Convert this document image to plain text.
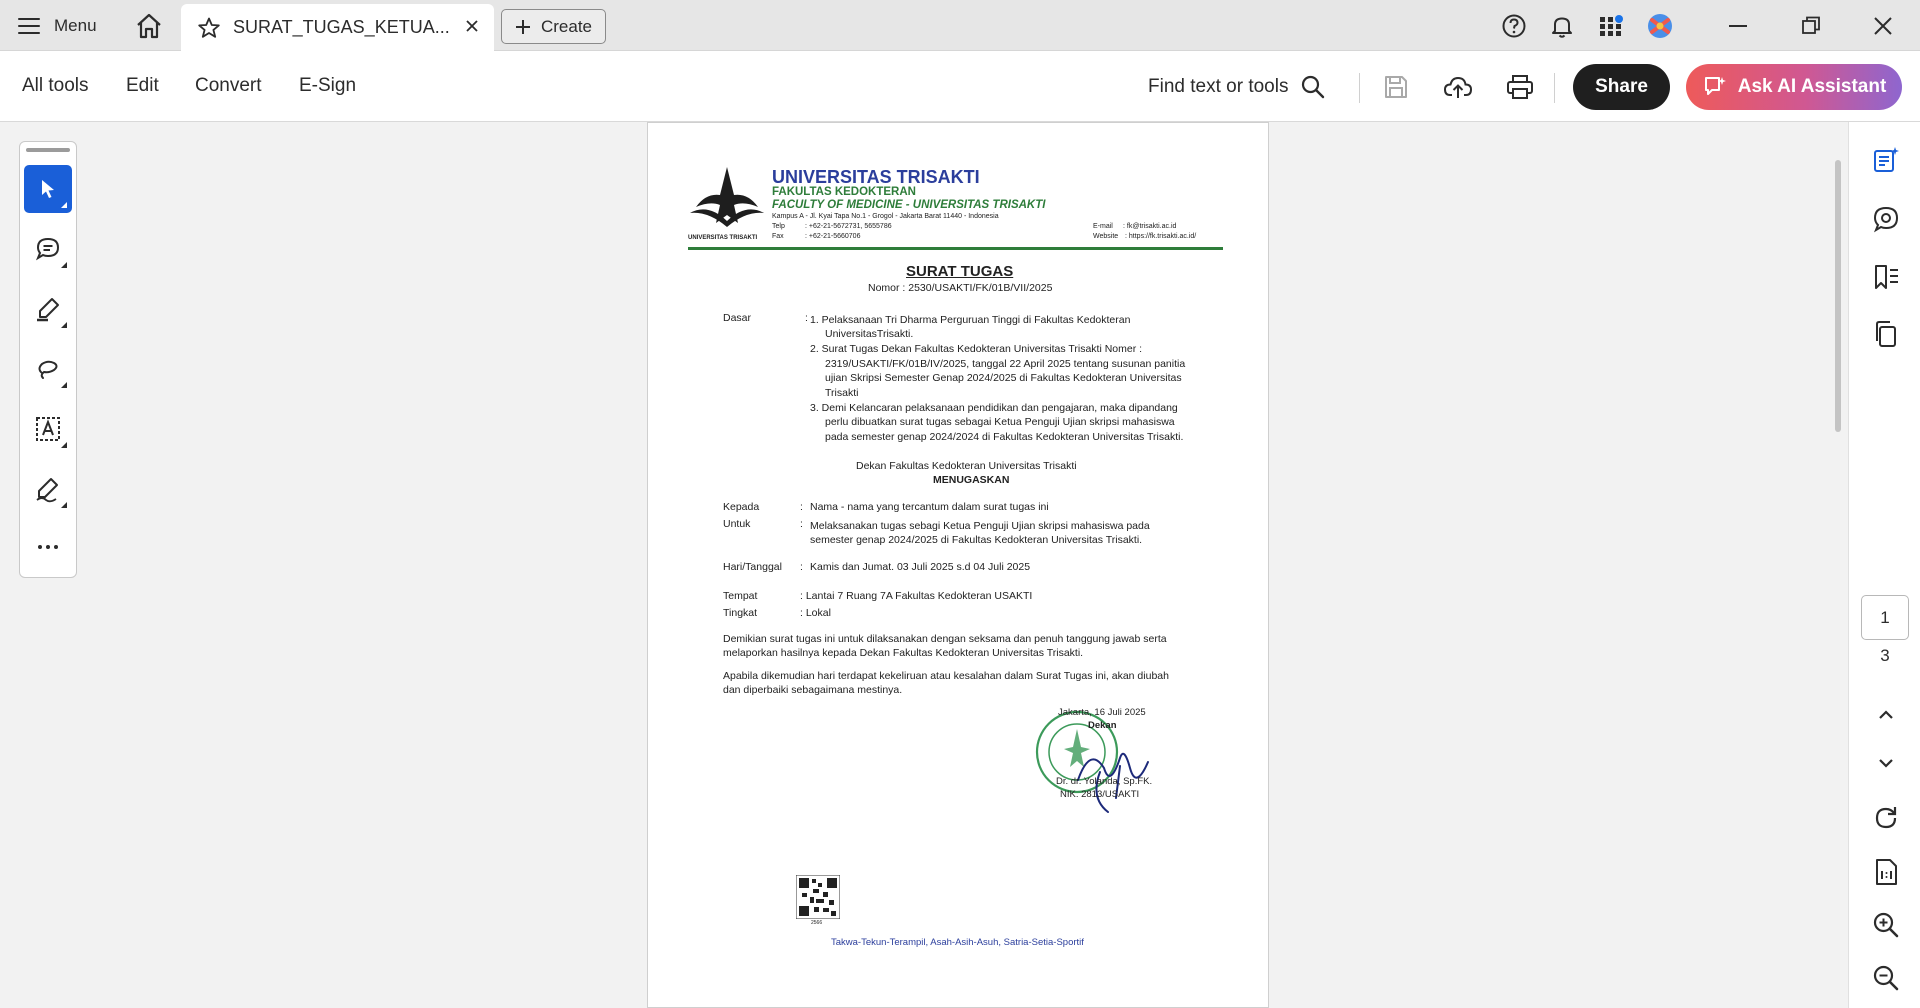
Menu	SURAT_TUGAS_KETUA...	Create
All tools Edit Convert E-Sign	Find text or tools	Share	Ask AI Assistant
UNIVERSITAS TRISAKTI
UNIVERSITAS TRISAKTI
FAKULTAS KEDOKTERAN
FACULTY OF MEDICINE - UNIVERSITAS TRISAKTI
Kampus A - Jl. Kyai Tapa No.1 - Grogol - Jakarta Barat 11440 - Indonesia
Telp	: +62-21-5672731, 5655786
Fax	: +62-21-5660706
E-mail : fk@trisakti.ac.id
Website : https://fk.trisakti.ac.id/
SURAT TUGAS
Nomor : 2530/USAKTI/FK/01B/VII/2025
Dasar	: 1. Pelaksanaan Tri Dharma Perguruan Tinggi di Fakultas Kedokteran
UniversitasTrisakti.
2. Surat Tugas Dekan Fakultas Kedokteran Universitas Trisakti Nomer :
2319/USAKTI/FK/01B/IV/2025, tanggal 22 April 2025 tentang susunan panitia
ujian Skripsi Semester Genap 2024/2025 di Fakultas Kedokteran Universitas
Trisakti
3. Demi Kelancaran pelaksanaan pendidikan dan pengajaran, maka dipandang
perlu dibuatkan surat tugas sebagai Ketua Penguji Ujian skripsi mahasiswa
pada semester genap 2024/2024 di Fakultas Kedokteran Universitas Trisakti.
Dekan Fakultas Kedokteran Universitas Trisakti
MENUGASKAN
Kepada	: Nama - nama yang tercantum dalam surat tugas ini
Untuk	: Melaksanakan tugas sebagi Ketua Penguji Ujian skripsi mahasiswa pada
semester genap 2024/2025 di Fakultas Kedokteran Universitas Trisakti.
Hari/Tanggal : Kamis dan Jumat. 03 Juli 2025 s.d 04 Juli 2025
Tempat	: Lantai 7 Ruang 7A Fakultas Kedokteran USAKTI
Tingkat	: Lokal
Demikian surat tugas ini untuk dilaksanakan dengan seksama dan penuh tanggung jawab serta
melaporkan hasilnya kepada Dekan Fakultas Kedokteran Universitas Trisakti.
Apabila dikemudian hari terdapat kekeliruan atau kesalahan dalam Surat Tugas ini, akan diubah
dan diperbaiki sebagaimana mestinya.
Jakarta, 16 Juli 2025
Dekan
Dr. dr. Yolanda, Sp.FK.
NIK. 2813/USAKTI
2566
Takwa-Tekun-Terampil, Asah-Asih-Asuh, Satria-Setia-Sportif
1
3
